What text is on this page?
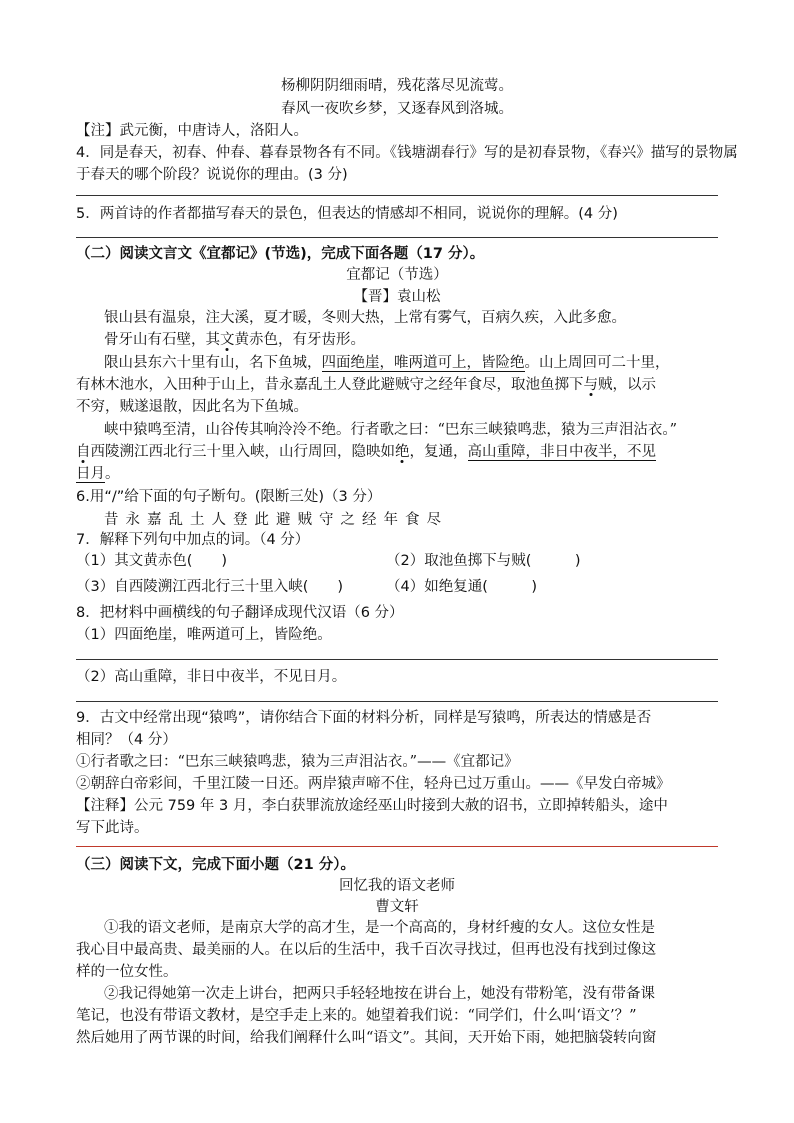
杨柳阴阴细雨晴，残花落尽见流莺。
春风一夜吹乡梦，又逐春风到洛城。
【注】武元衡，中唐诗人，洛阳人。
4．同是春天，初春、仲春、暮春景物各有不同。《钱塘湖春行》写的是初春景物，《春兴》描写的景物属
于春天的哪个阶段？说说你的理由。(3 分)
5．两首诗的作者都描写春天的景色，但表达的情感却不相同，说说你的理解。(4 分)
（二）阅读文言文《宜都记》(节选)，完成下面各题（17 分）。
宜都记（节选）
【晋】袁山松
银山县有温泉，注大溪，夏才暖，冬则大热，上常有雾气，百病久疾，入此多愈。
骨牙山有石壁，其文黄赤色，有牙齿形。
限山县东六十里有山，名下鱼城，四面绝崖，唯两道可上，皆险绝。山上周回可二十里，
有林木池水，入田种于山上，昔永嘉乱土人登此避贼守之经年食尽，取池鱼掷下与贼，以示
不穷，贼遂退散，因此名为下鱼城。
峡中猿鸣至清，山谷传其响泠泠不绝。行者歌之曰：“巴东三峡猿鸣悲，猿为三声泪沾衣。”
自西陵溯江西北行三十里入峡，山行周回，隐映如绝，复通，高山重障，非日中夜半，不见
日月。
6.用“/”给下面的句子断句。(限断三处)（3 分）
昔永嘉乱土人登此避贼守之经年食尽
7．解释下列句中加点的词。（4 分）
（1）其文黄赤色(　　)	（2）取池鱼掷下与贼(　　　)
（3）自西陵溯江西北行三十里入峡(　　)	（4）如绝复通(　　　)
8．把材料中画横线的句子翻译成现代汉语（6 分）
（1）四面绝崖，唯两道可上，皆险绝。
（2）高山重障，非日中夜半，不见日月。
9．古文中经常出现“猿鸣”，请你结合下面的材料分析，同样是写猿鸣，所表达的情感是否
相同？（4 分）
①行者歌之曰：“巴东三峡猿鸣悲，猿为三声泪沾衣。”——《宜都记》
②朝辞白帝彩间，千里江陵一日还。两岸猿声啼不住，轻舟已过万重山。——《早发白帝城》
【注释】公元 759 年 3 月，李白获罪流放途经巫山时接到大赦的诏书，立即掉转船头，途中
写下此诗。
（三）阅读下文，完成下面小题（21 分）。
回忆我的语文老师
曹文轩
①我的语文老师，是南京大学的高才生，是一个高高的，身材纤瘦的女人。这位女性是
我心目中最高贵、最美丽的人。在以后的生活中，我千百次寻找过，但再也没有找到过像这
样的一位女性。
②我记得她第一次走上讲台，把两只手轻轻地按在讲台上，她没有带粉笔，没有带备课
笔记，也没有带语文教材，是空手走上来的。她望着我们说：“同学们，什么叫‘语文’？”
然后她用了两节课的时间，给我们阐释什么叫“语文”。其间，天开始下雨，她把脑袋转向窗
